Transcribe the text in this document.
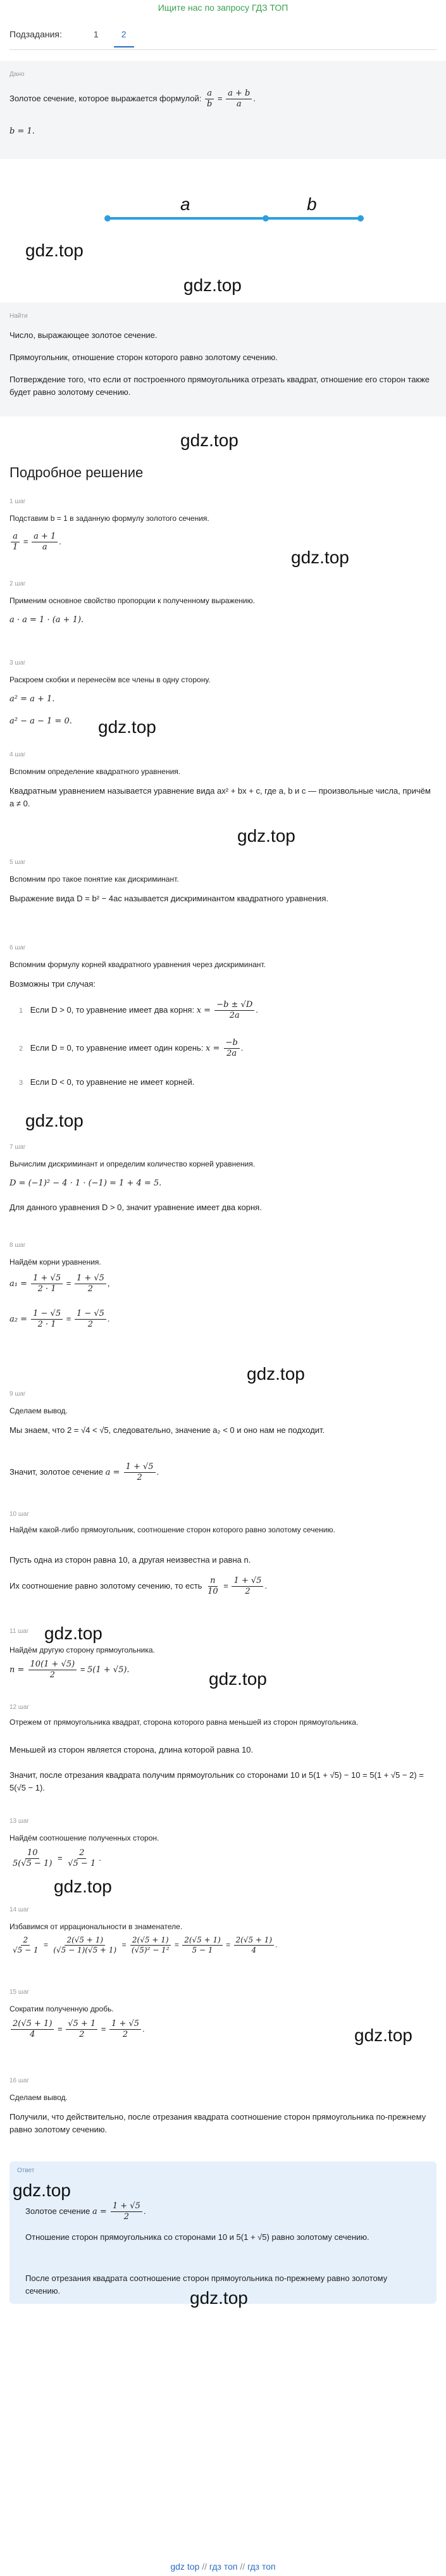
Ищите нас по запросу ГДЗ ТОП
Подзадания:	1	2
Дано
Золотое сечение, которое выражается формулой: $\frac{a}{b} = \frac{a + b}{a}$ .
b = 1.
a	b
gdz.top
gdz.top
Найти
Число, выражающее золотое сечение.
Прямоугольник, отношение сторон которого равно золотому сечению.
Потверждение того, что если от построенного прямоугольника отрезать квадрат, отношение его сторон также будет равно золотому сечению.
gdz.top
Подробное решение
1 шаг
Подставим b = 1 в заданную формулу золотого сечения.
$\frac{a}{1} = \frac{a + 1}{a}$ .
gdz.top
2 шаг
Применим основное свойство пропорции к полученному выражению.
a · a = 1 · (a + 1).
3 шаг
Раскроем скобки и перенесём все члены в одну сторону.
a² = a + 1.
a² − a − 1 = 0.	gdz.top
4 шаг
Вспомним определение квадратного уравнения.
Квадратным уравнением называется уравнение вида ax² + bx + c, где a, b и c — произвольные числа, причём a ≠ 0.
gdz.top
5 шаг
Вспомним про такое понятие как дискриминант.
Выражение вида D = b² − 4ac называется дискриминантом квадратного уравнения.
6 шаг
Вспомним формулу корней квадратного уравнения через дискриминант.
Возможны три случая:
1 Если D > 0, то уравнение имеет два корня: $x = \frac{-b \pm √D}{2a}$ .
2 Если D = 0, то уравнение имеет один корень: $x = \frac{-b}{2a}$ .
3 Если D < 0, то уравнение не имеет корней.
gdz.top
7 шаг
Вычислим дискриминант и определим количество корней уравнения.
D = (−1)² − 4 · 1 · (−1) = 1 + 4 = 5.
Для данного уравнения D > 0, значит уравнение имеет два корня.
8 шаг
Найдём корни уравнения.
$a_1 = \frac{1 + √5}{2 \cdot 1} = \frac{1 + √5}{2}$ ,
$a_2 = \frac{1 - √5}{2 \cdot 1} = \frac{1 - √5}{2}$ .
gdz.top
9 шаг
Сделаем вывод.
Мы знаем, что 2 = √4 < √5, следовательно, значение a₂ < 0 и оно нам не подходит.
Значит, золотое сечение $a = \frac{1 + √5}{2}$ .
10 шаг
Найдём какой-либо прямоугольник, соотношение сторон которого равно золотому сечению.
Пусть одна из сторон равна 10, а другая неизвестна и равна n.
Их соотношение равно золотому сечению, то есть $\frac{n}{10} = \frac{1 + √5}{2}$ .
11 шаг gdz.top
Найдём другую сторону прямоугольника.
$n = \frac{10(1 + √5)}{2} = 5(1 + √5)$.	gdz.top
12 шаг
Отрежем от прямоугольника квадрат, сторона которого равна меньшей из сторон прямоугольника.
Меньшей из сторон является сторона, длина которой равна 10.
Значит, после отрезания квадрата получим прямоугольник со сторонами 10 и 5(1 + √5) − 10 = 5(1 + √5 − 2) = 5(√5 − 1).
13 шаг
Найдём соотношение полученных сторон.
$\frac{10}{5(√5 - 1)} = \frac{2}{√5 - 1}$ .
gdz.top
14 шаг
Избавимся от иррациональности в знаменателе.
$\frac{2}{√5 - 1} = \frac{2(√5 + 1)}{(√5 - 1)(√5 + 1)} = \frac{2(√5 + 1)}{\text{(√5)² − 1²}} = \frac{2(√5 + 1)}{5 - 1} = \frac{2(√5 + 1)}{4}$ .
15 шаг
Сократим полученную дробь.
$\frac{2(√5 + 1)}{4} = \frac{√5 + 1}{2} = \frac{1 + √5}{2}$ .	gdz.top
16 шаг
Сделаем вывод.
Получили, что действительно, после отрезания квадрата соотношение сторон прямоугольника по-прежнему равно золотому сечению.
Ответ
gdz.top
Золотое сечение $a = \frac{1 + √5}{2}$ .
Отношение сторон прямоугольника со сторонами 10 и 5(1 + √5) равно золотому сечению.
После отрезания квадрата соотношение сторон прямоугольника по-прежнему равно золотому сечению.	gdz.top
gdz top // гдз топ // гдз топ
